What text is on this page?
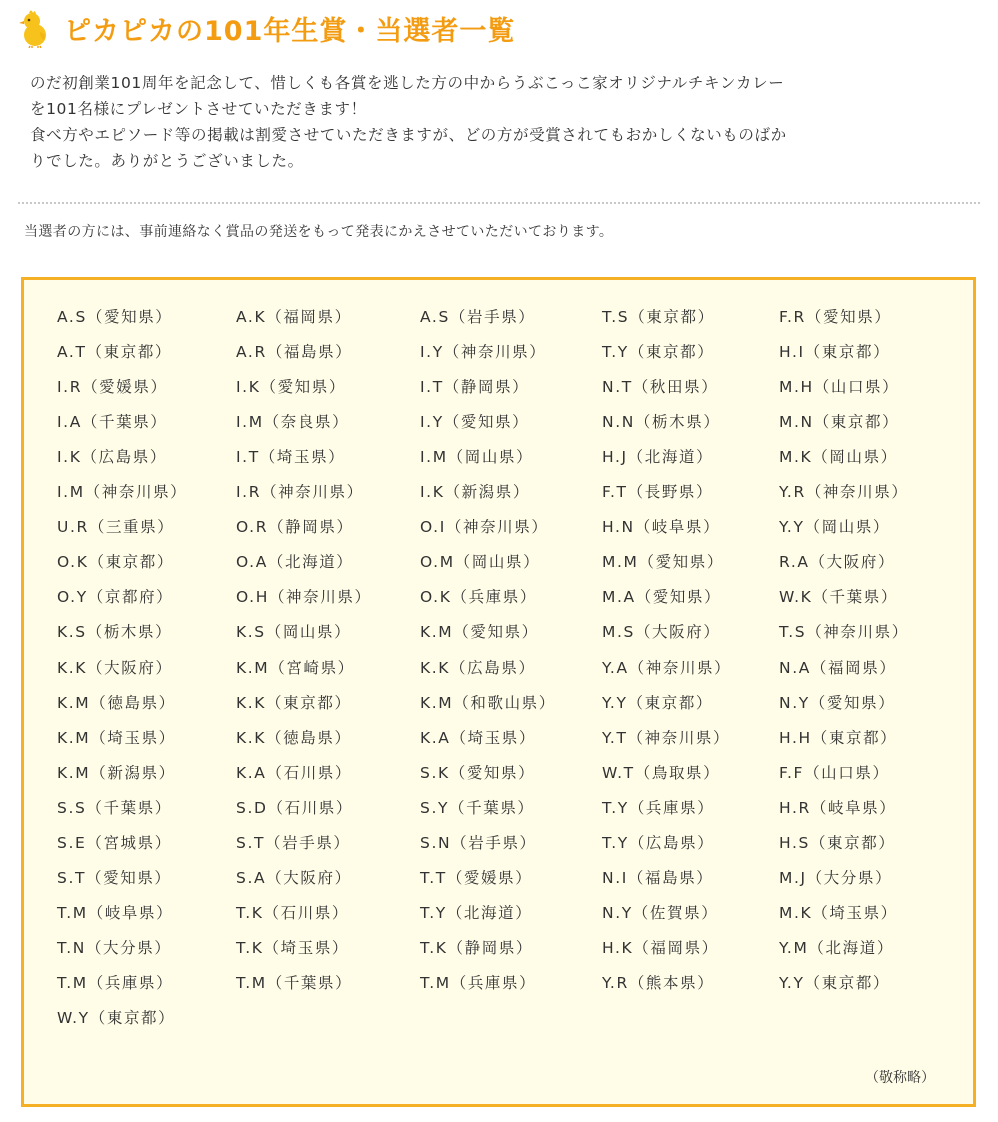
ピカピカの101年生賞・当選者一覧

のだ初創業101周年を記念して、惜しくも各賞を逃した方の中からうぶこっこ家オリジナルチキンカレー

を101名様にプレゼントさせていただきます！

食べ方やエピソード等の掲載は割愛させていただきますが、どの方が受賞されてもおかしくないものばか

りでした。ありがとうございました。

当選者の方には、事前連絡なく賞品の発送をもって発表にかえさせていただいております。
A.S（愛知県）	A.K（福岡県）	A.S（岩手県）	T.S（東京都）	F.R（愛知県）
A.T（東京都）	A.R（福島県）	I.Y（神奈川県）	T.Y（東京都）	H.I（東京都）
I.R（愛媛県）	I.K（愛知県）	I.T（静岡県）	N.T（秋田県）	M.H（山口県）
I.A（千葉県）	I.M（奈良県）	I.Y（愛知県）	N.N（栃木県）	M.N（東京都）
I.K（広島県）	I.T（埼玉県）	I.M（岡山県）	H.J（北海道）	M.K（岡山県）
I.M（神奈川県）	I.R（神奈川県）	I.K（新潟県）	F.T（長野県）	Y.R（神奈川県）
U.R（三重県）	O.R（静岡県）	O.I（神奈川県）	H.N（岐阜県）	Y.Y（岡山県）
O.K（東京都）	O.A（北海道）	O.M（岡山県）	M.M（愛知県）	R.A（大阪府）
O.Y（京都府）	O.H（神奈川県）	O.K（兵庫県）	M.A（愛知県）	W.K（千葉県）
K.S（栃木県）	K.S（岡山県）	K.M（愛知県）	M.S（大阪府）	T.S（神奈川県）
K.K（大阪府）	K.M（宮崎県）	K.K（広島県）	Y.A（神奈川県）	N.A（福岡県）
K.M（徳島県）	K.K（東京都）	K.M（和歌山県）	Y.Y（東京都）	N.Y（愛知県）
K.M（埼玉県）	K.K（徳島県）	K.A（埼玉県）	Y.T（神奈川県）	H.H（東京都）
K.M（新潟県）	K.A（石川県）	S.K（愛知県）	W.T（鳥取県）	F.F（山口県）
S.S（千葉県）	S.D（石川県）	S.Y（千葉県）	T.Y（兵庫県）	H.R（岐阜県）
S.E（宮城県）	S.T（岩手県）	S.N（岩手県）	T.Y（広島県）	H.S（東京都）
S.T（愛知県）	S.A（大阪府）	T.T（愛媛県）	N.I（福島県）	M.J（大分県）
T.M（岐阜県）	T.K（石川県）	T.Y（北海道）	N.Y（佐賀県）	M.K（埼玉県）
T.N（大分県）	T.K（埼玉県）	T.K（静岡県）	H.K（福岡県）	Y.M（北海道）
T.M（兵庫県）	T.M（千葉県）	T.M（兵庫県）	Y.R（熊本県）	Y.Y（東京都）
W.Y（東京都）
（敬称略）
